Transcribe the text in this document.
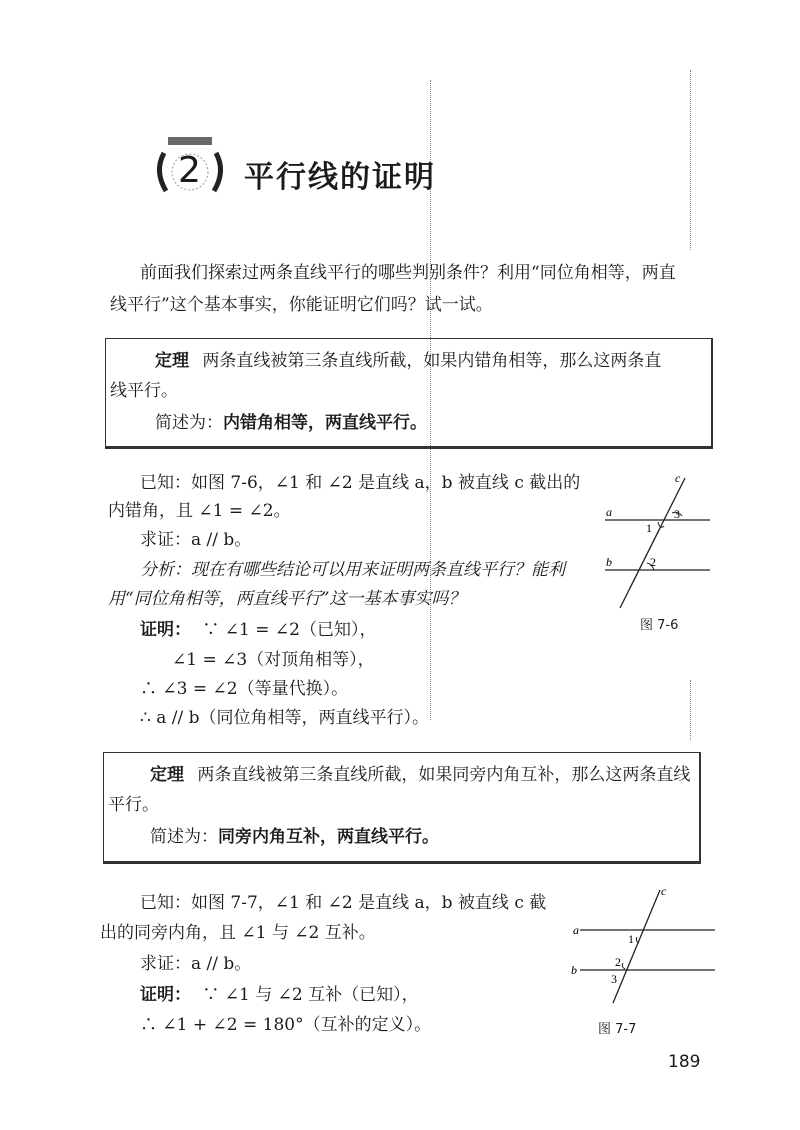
2 平行线的证明

前面我们探索过两条直线平行的哪些判别条件？利用“同位角相等，两直

线平行”这个基本事实，你能证明它们吗？试一试。

定理 两条直线被第三条直线所截，如果内错角相等，那么这两条直

线平行。

简述为：内错角相等，两直线平行。

已知：如图 7-6，∠1 和 ∠2 是直线 a，b 被直线 c 截出的

内错角，且 ∠1 = ∠2。

求证：a // b。

分析：现在有哪些结论可以用来证明两条直线平行？能利

用“同位角相等，两直线平行”这一基本事实吗？

证明： ∵ ∠1 = ∠2（已知），

∠1 = ∠3（对顶角相等），

∴ ∠3 = ∠2（等量代换）。

∴ a // b（同位角相等，两直线平行）。

c
a
b
1
2
3
图 7-6

定理 两条直线被第三条直线所截，如果同旁内角互补，那么这两条直线

平行。

简述为：同旁内角互补，两直线平行。

已知：如图 7-7，∠1 和 ∠2 是直线 a，b 被直线 c 截

出的同旁内角，且 ∠1 与 ∠2 互补。

求证：a // b。

证明： ∵ ∠1 与 ∠2 互补（已知），

∴ ∠1 + ∠2 = 180°（互补的定义）。

c
a
b
1
2
3
图 7-7
189
